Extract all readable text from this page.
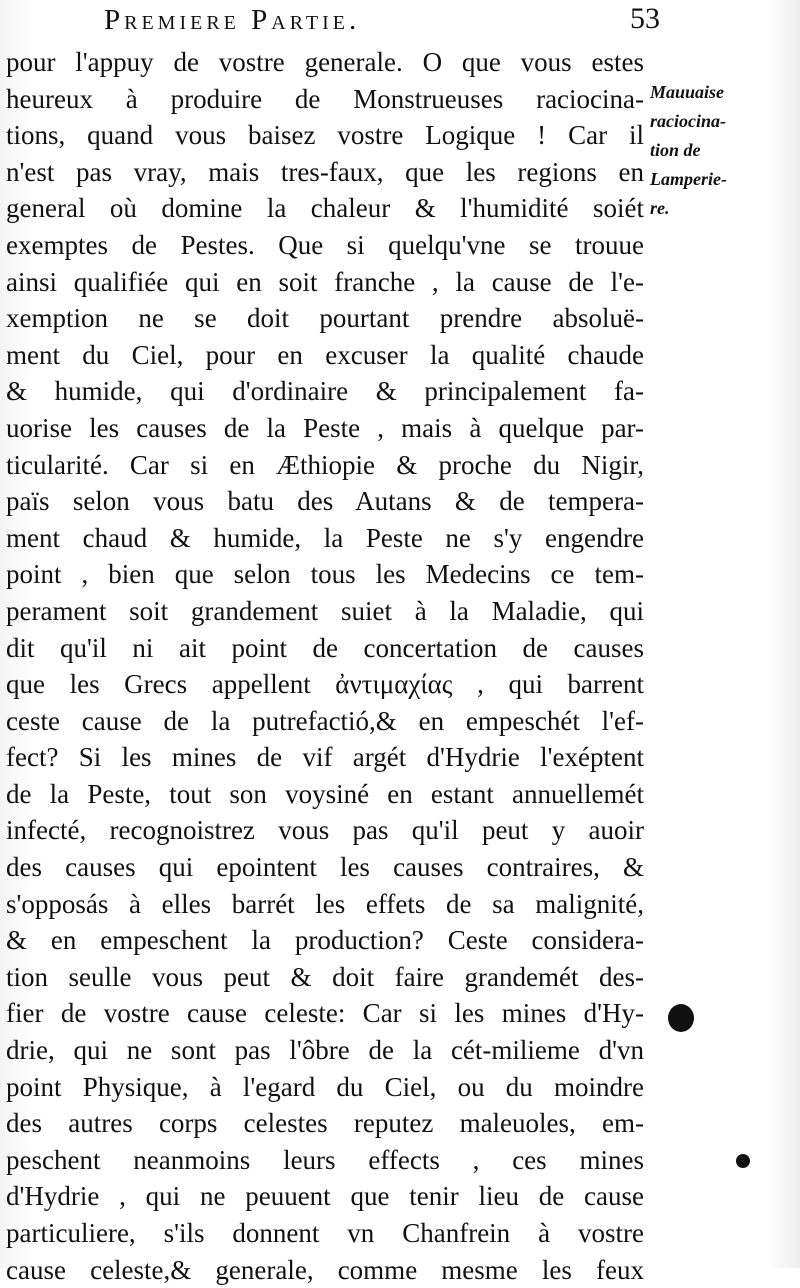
Premiere Partie.	53
pour l'appuy de vostre generale. O que vous estes
heureux à produire de Monstrueuses raciocina-
tions, quand vous baisez vostre Logique ! Car il
n'est pas vray, mais tres-faux, que les regions en
general où domine la chaleur & l'humidité soiét
exemptes de Pestes. Que si quelqu'vne se trouue
ainsi qualifiée qui en soit franche , la cause de l'e-
xemption ne se doit pourtant prendre absoluë-
ment du Ciel, pour en excuser la qualité chaude
& humide, qui d'ordinaire & principalement fa-
uorise les causes de la Peste , mais à quelque par-
ticularité. Car si en Æthiopie & proche du Nigir,
païs selon vous batu des Autans & de tempera-
ment chaud & humide, la Peste ne s'y engendre
point , bien que selon tous les Medecins ce tem-
perament soit grandement suiet à la Maladie, qui
dit qu'il ni ait point de concertation de causes
que les Grecs appellent ἀντιμαχίας , qui barrent
ceste cause de la putrefactió,& en empeschét l'ef-
fect? Si les mines de vif argét d'Hydrie l'exéptent
de la Peste, tout son voysiné en estant annuellemét
infecté, recognoistrez vous pas qu'il peut y auoir
des causes qui epointent les causes contraires, &
s'opposás à elles barrét les effets de sa malignité,
& en empeschent la production? Ceste considera-
tion seulle vous peut & doit faire grandemét des-
fier de vostre cause celeste: Car si les mines d'Hy-
drie, qui ne sont pas l'ôbre de la cét-milieme d'vn
point Physique, à l'egard du Ciel, ou du moindre
des autres corps celestes reputez maleuoles, em-
peschent neanmoins leurs effects , ces mines
d'Hydrie , qui ne peuuent que tenir lieu de cause
particuliere, s'ils donnent vn Chanfrein à vostre
cause celeste,& generale, comme mesme les feux
Mauuaise
raciocina-
tion de
Lamperie-
re.
